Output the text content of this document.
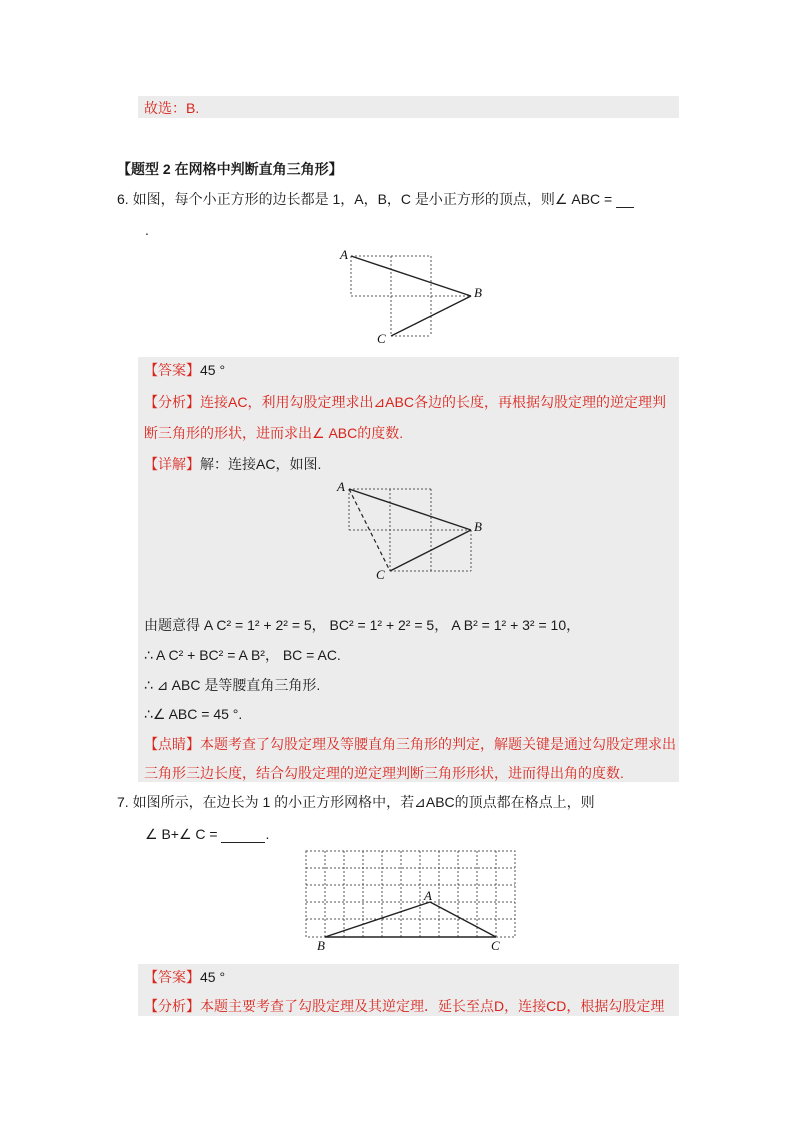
故选：B.
【题型 2 在网格中判断直角三角形】
6. 如图，每个小正方形的边长都是 1，A，B，C 是小正方形的顶点，则∠ ABC =
.
A
B
C
【答案】45 °
【分析】连接AC，利用勾股定理求出⊿ABC各边的长度，再根据勾股定理的逆定理判
断三角形的形状，进而求出∠ ABC的度数.
【详解】解：连接AC，如图.
A
B
C
由题意得 A C² = 1² + 2² = 5， BC² = 1² + 2² = 5， A B² = 1² + 3² = 10，
∴ A C² + BC² = A B²， BC = AC.
∴ ⊿ ABC 是等腰直角三角形.
∴∠ ABC = 45 °.
【点睛】本题考查了勾股定理及等腰直角三角形的判定，解题关键是通过勾股定理求出
三角形三边长度，结合勾股定理的逆定理判断三角形形状，进而得出角的度数.
7. 如图所示，在边长为 1 的小正方形网格中，若⊿ABC的顶点都在格点上，则
∠ B+∠ C =	.
A
B	C
【答案】45 °
【分析】本题主要考查了勾股定理及其逆定理．延长至点D，连接CD，根据勾股定理
